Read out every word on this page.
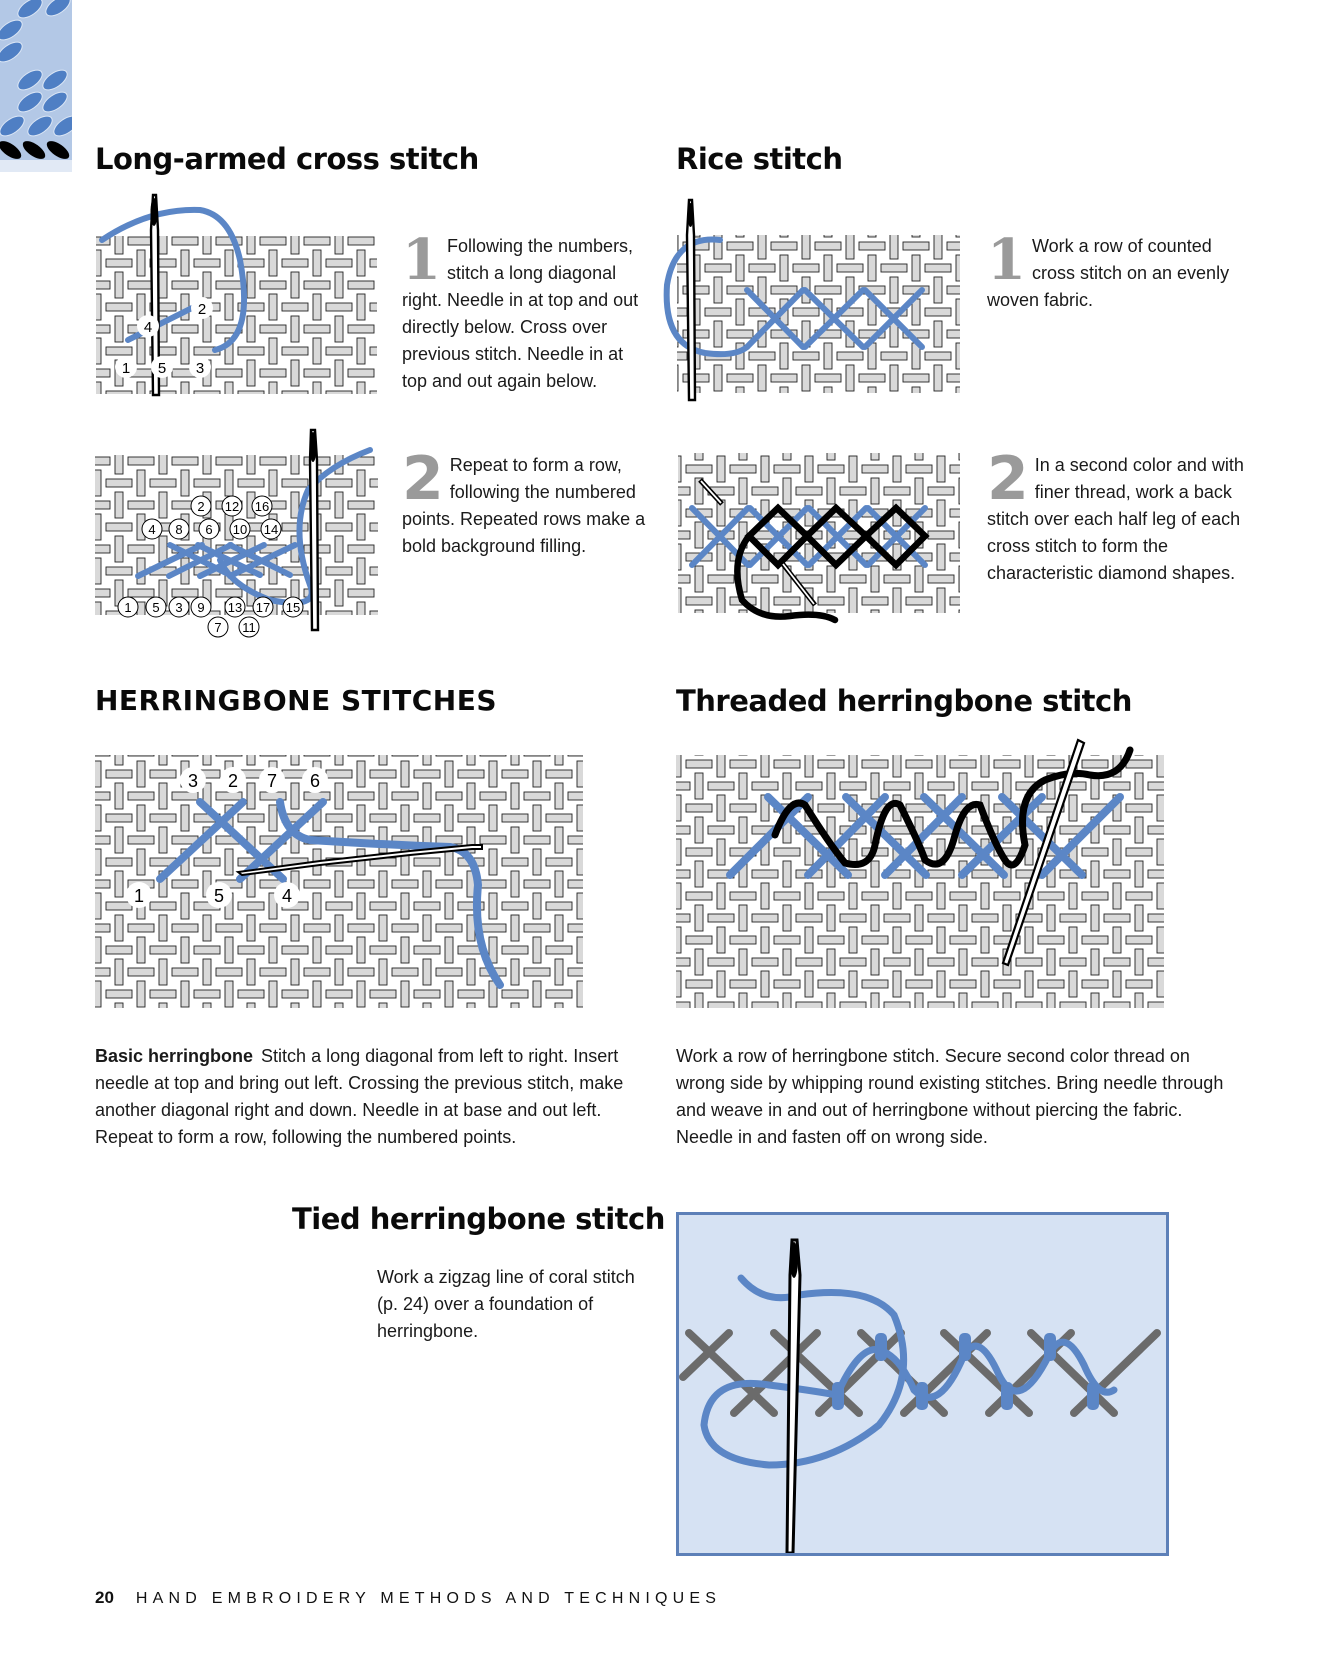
Long-armed cross stitch
2
4
1 5 3
1 Following the numbers, stitch a long diagonal right. Needle in at top and out directly below. Cross over previous stitch. Needle in at top and out again below.
2 12 16
4 8 6 10 14
1 5 3 9 13 17 15
7 11
2 Repeat to form a row, following the numbered points. Repeated rows make a bold background filling.
Rice stitch
1 Work a row of counted cross stitch on an evenly woven fabric.
2 In a second color and with finer thread, work a back stitch over each half leg of each cross stitch to form the characteristic diamond shapes.
HERRINGBONE STITCHES
3 2 7 6
1	5	4
Basic herringbone Stitch a long diagonal from left to right. Insert needle at top and bring out left. Crossing the previous stitch, make another diagonal right and down. Needle in at base and out left. Repeat to form a row, following the numbered points.
Threaded herringbone stitch
Work a row of herringbone stitch. Secure second color thread on wrong side by whipping round existing stitches. Bring needle through and weave in and out of herringbone without piercing the fabric. Needle in and fasten off on wrong side.
Tied herringbone stitch
Work a zigzag line of coral stitch (p. 24) over a foundation of herringbone.
20 HAND EMBROIDERY METHODS AND TECHNIQUES
